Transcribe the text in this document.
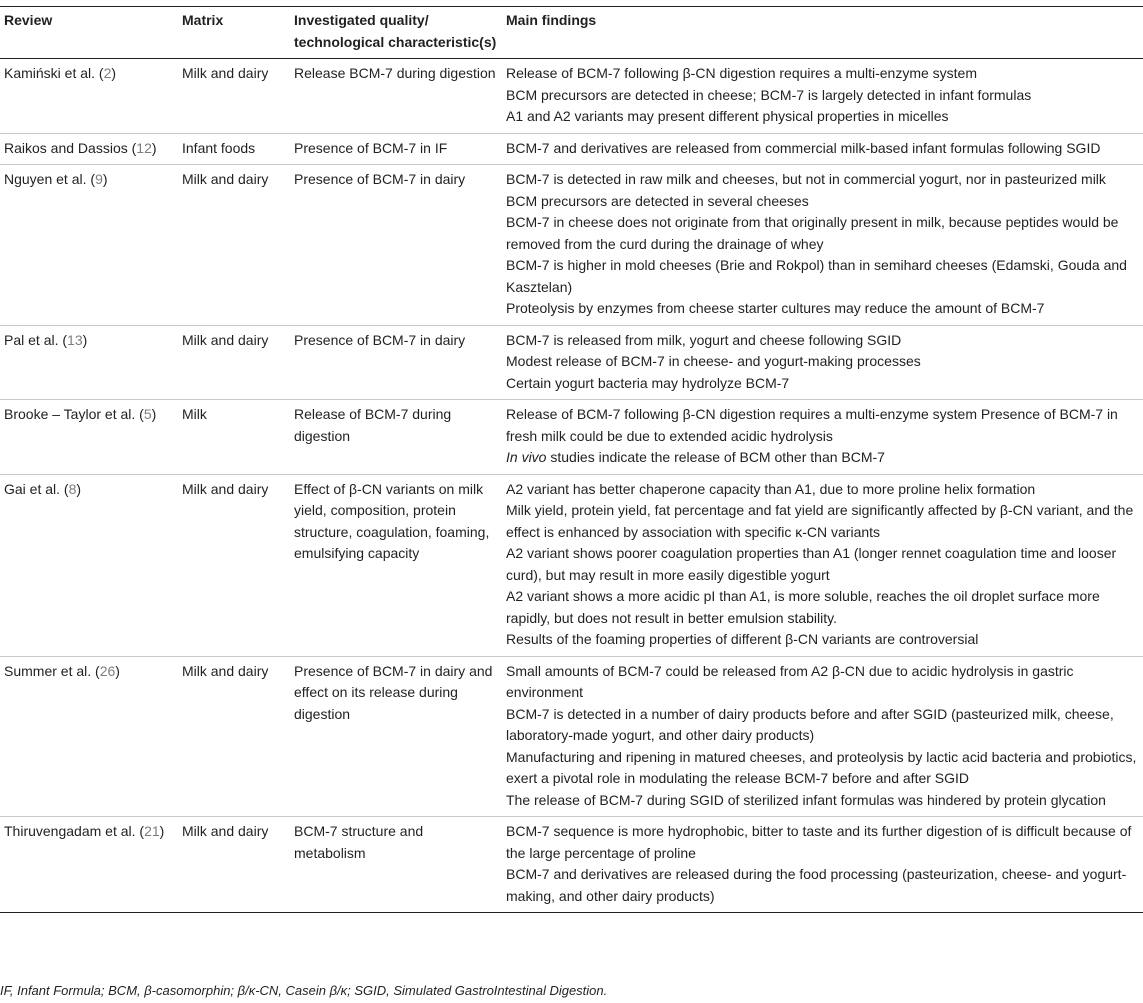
Review	Matrix	Investigated quality/ technological characteristic(s)	Main findings
Kamiński et al. (2)	Milk and dairy	Release BCM-7 during digestion	Release of BCM-7 following β-CN digestion requires a multi-enzyme system
BCM precursors are detected in cheese; BCM-7 is largely detected in infant formulas
A1 and A2 variants may present different physical properties in micelles

Raikos and Dassios (12)	Infant foods	Presence of BCM-7 in IF	BCM-7 and derivatives are released from commercial milk-based infant formulas following SGID

Nguyen et al. (9)	Milk and dairy	Presence of BCM-7 in dairy	BCM-7 is detected in raw milk and cheeses, but not in commercial yogurt, nor in pasteurized milk
BCM precursors are detected in several cheeses
BCM-7 in cheese does not originate from that originally present in milk, because peptides would be removed from the curd during the drainage of whey
BCM-7 is higher in mold cheeses (Brie and Rokpol) than in semihard cheeses (Edamski, Gouda and Kasztelan)
Proteolysis by enzymes from cheese starter cultures may reduce the amount of BCM-7

Pal et al. (13)	Milk and dairy	Presence of BCM-7 in dairy	BCM-7 is released from milk, yogurt and cheese following SGID
Modest release of BCM-7 in cheese- and yogurt-making processes
Certain yogurt bacteria may hydrolyze BCM-7

Brooke – Taylor et al. (5)	Milk	Release of BCM-7 during digestion	Release of BCM-7 following β-CN digestion requires a multi-enzyme system Presence of BCM-7 in fresh milk could be due to extended acidic hydrolysis
In vivo studies indicate the release of BCM other than BCM-7

Gai et al. (8)	Milk and dairy	Effect of β-CN variants on milk yield, composition, protein structure, coagulation, foaming, emulsifying capacity	A2 variant has better chaperone capacity than A1, due to more proline helix formation
Milk yield, protein yield, fat percentage and fat yield are significantly affected by β-CN variant, and the effect is enhanced by association with specific κ-CN variants
A2 variant shows poorer coagulation properties than A1 (longer rennet coagulation time and looser curd), but may result in more easily digestible yogurt
A2 variant shows a more acidic pI than A1, is more soluble, reaches the oil droplet surface more rapidly, but does not result in better emulsion stability.
Results of the foaming properties of different β-CN variants are controversial

Summer et al. (26)	Milk and dairy	Presence of BCM-7 in dairy and effect on its release during digestion	Small amounts of BCM-7 could be released from A2 β-CN due to acidic hydrolysis in gastric environment
BCM-7 is detected in a number of dairy products before and after SGID (pasteurized milk, cheese, laboratory-made yogurt, and other dairy products)
Manufacturing and ripening in matured cheeses, and proteolysis by lactic acid bacteria and probiotics, exert a pivotal role in modulating the release BCM-7 before and after SGID
The release of BCM-7 during SGID of sterilized infant formulas was hindered by protein glycation

Thiruvengadam et al. (21)	Milk and dairy	BCM-7 structure and metabolism	BCM-7 sequence is more hydrophobic, bitter to taste and its further digestion of is difficult because of the large percentage of proline
BCM-7 and derivatives are released during the food processing (pasteurization, cheese- and yogurt-making, and other dairy products)
IF, Infant Formula; BCM, β-casomorphin; β/κ-CN, Casein β/κ; SGID, Simulated GastroIntestinal Digestion.
